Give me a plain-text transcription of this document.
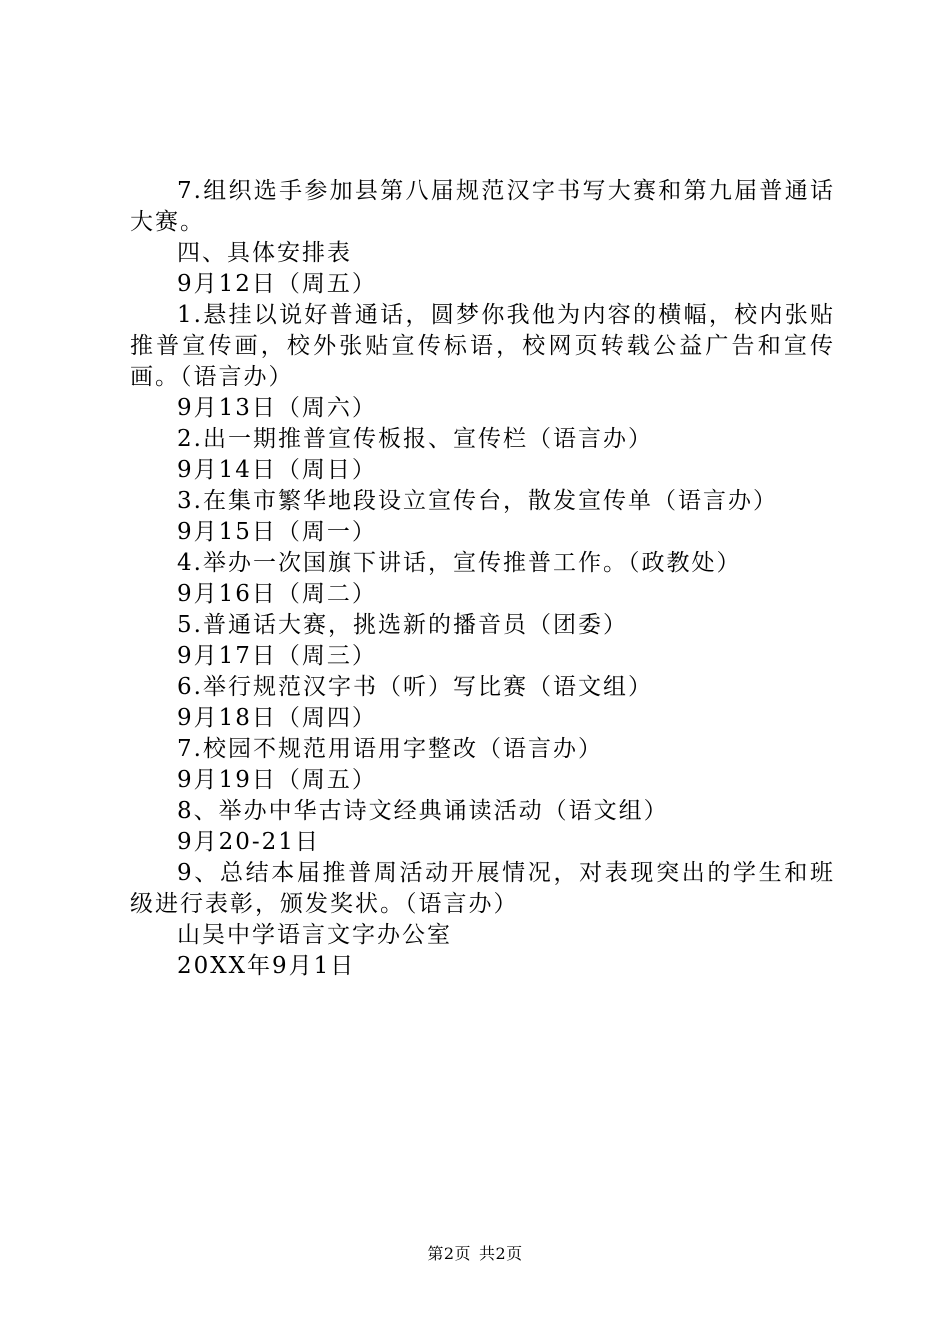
7.组织选手参加县第八届规范汉字书写大赛和第九届普通话大赛。

四、具体安排表

9月12日（周五）

1.悬挂以说好普通话，圆梦你我他为内容的横幅，校内张贴推普宣传画，校外张贴宣传标语，校网页转载公益广告和宣传画。（语言办）

9月13日（周六）

2.出一期推普宣传板报、宣传栏（语言办）

9月14日（周日）

3.在集市繁华地段设立宣传台，散发宣传单（语言办）

9月15日（周一）

4.举办一次国旗下讲话，宣传推普工作。（政教处）

9月16日（周二）

5.普通话大赛，挑选新的播音员（团委）

9月17日（周三）

6.举行规范汉字书（听）写比赛（语文组）

9月18日（周四）

7.校园不规范用语用字整改（语言办）

9月19日（周五）

8、举办中华古诗文经典诵读活动（语文组）

9月20-21日

9、总结本届推普周活动开展情况，对表现突出的学生和班级进行表彰，颁发奖状。（语言办）

山吴中学语言文字办公室

20XX年9月1日

第2页 共2页
